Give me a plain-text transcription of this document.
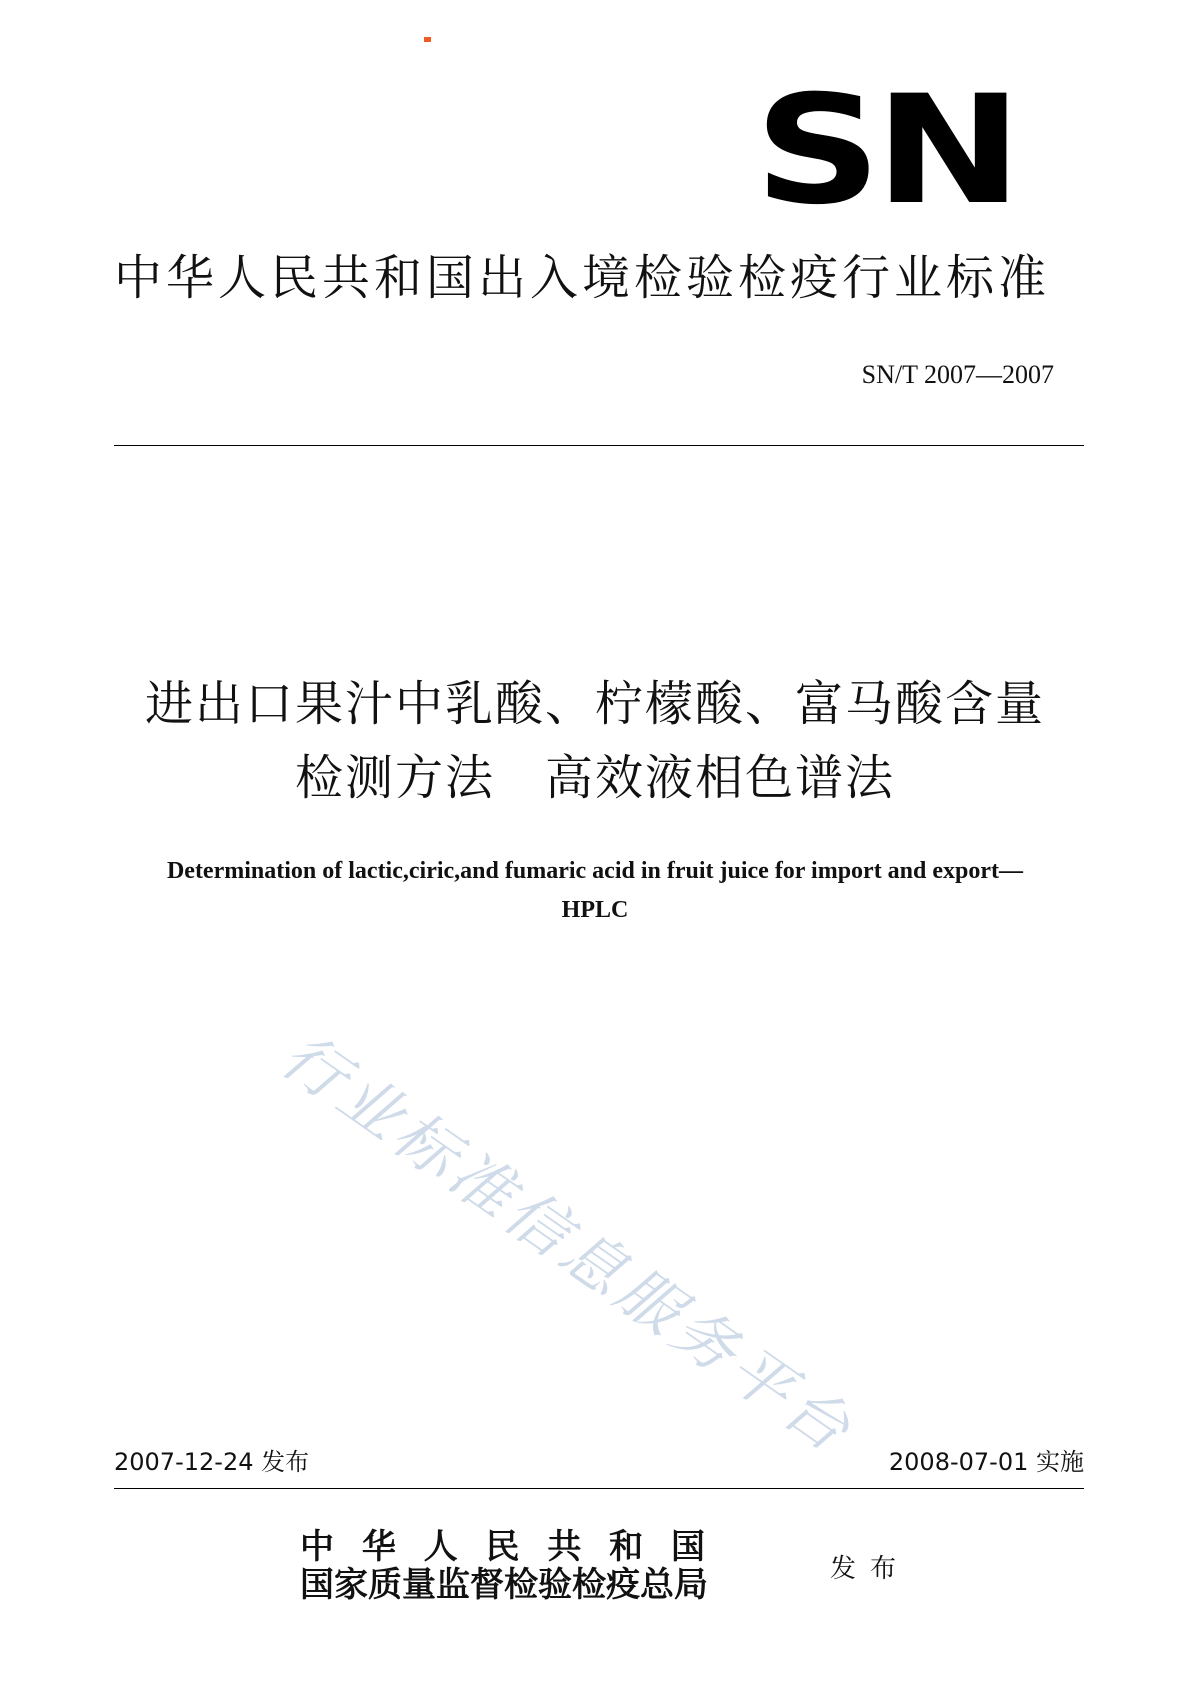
SN
中华人民共和国出入境检验检疫行业标准
SN/T 2007—2007
进出口果汁中乳酸、柠檬酸、富马酸含量
检测方法　高效液相色谱法
Determination of lactic,ciric,and fumaric acid in fruit juice for import and export—
HPLC
行业标准信息服务平台
2007-12-24 发布	2008-07-01 实施
中 华 人 民 共 和 国
国家质量监督检验检疫总局	发布
